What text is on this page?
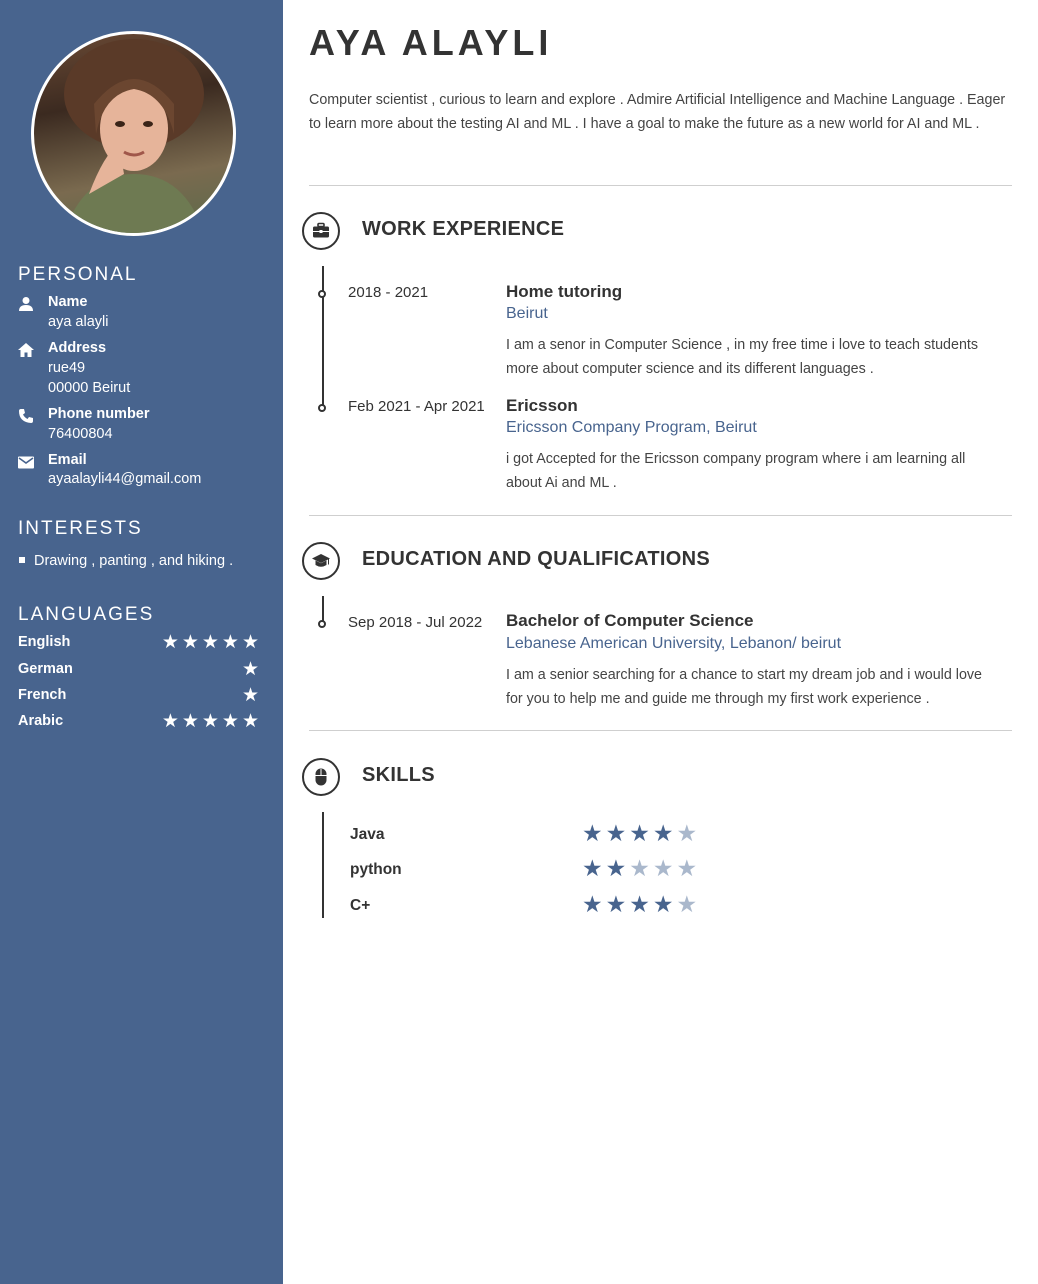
PERSONAL
Name
aya alayli
Address
rue49
00000 Beirut
Phone number
76400804
Email
ayaalayli44@gmail.com
INTERESTS
Drawing , panting , and hiking .
LANGUAGES
English	★★★★★
German	★
French	★
Arabic	★★★★★
AYA ALAYLI

Computer scientist , curious to learn and explore . Admire Artificial Intelligence and Machine Language . Eager to learn more about the testing AI and ML . I have a goal to make the future as a new world for AI and ML .

WORK EXPERIENCE
2018 - 2021	Home tutoring
Beirut

I am a senor in Computer Science , in my free time i love to teach students more about computer science and its different languages .

Feb 2021 - Apr 2021 Ericsson
Ericsson Company Program, Beirut

i got Accepted for the Ericsson company program where i am learning all about Ai and ML .

EDUCATION AND QUALIFICATIONS
Sep 2018 - Jul 2022 Bachelor of Computer Science
Lebanese American University, Lebanon/ beirut

I am a senior searching for a chance to start my dream job and i would love for you to help me and guide me through my first work experience .

SKILLS
Java	★★★★★
python	★★★★★
C+	★★★★★
